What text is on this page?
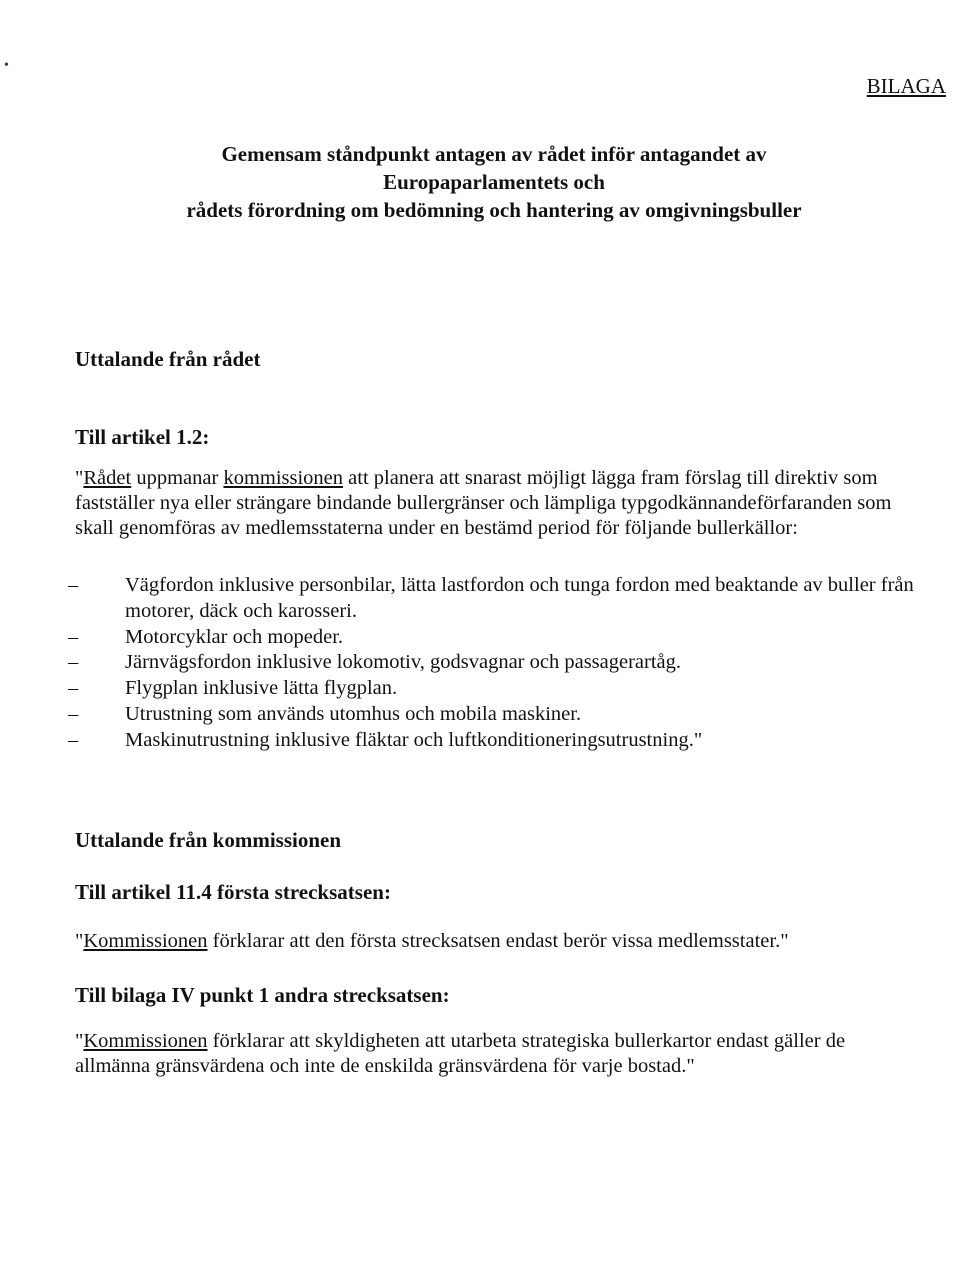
•
BILAGA
Gemensam ståndpunkt antagen av rådet inför antagandet av Europaparlamentets och
rådets förordning om bedömning och hantering av omgivningsbuller
Uttalande från rådet
Till artikel 1.2:
"Rådet uppmanar kommissionen att planera att snarast möjligt lägga fram förslag till direktiv som fastställer nya eller strängare bindande bullergränser och lämpliga typgodkännandeförfaranden som skall genomföras av medlemsstaterna under en bestämd period för följande bullerkällor:
– Vägfordon inklusive personbilar, lätta lastfordon och tunga fordon med beaktande av buller från motorer, däck och karosseri.
– Motorcyklar och mopeder.
– Järnvägsfordon inklusive lokomotiv, godsvagnar och passagerartåg.
– Flygplan inklusive lätta flygplan.
– Utrustning som används utomhus och mobila maskiner.
– Maskinutrustning inklusive fläktar och luftkonditioneringsutrustning."
Uttalande från kommissionen
Till artikel 11.4 första strecksatsen:
"Kommissionen förklarar att den första strecksatsen endast berör vissa medlemsstater."
Till bilaga IV punkt 1 andra strecksatsen:
"Kommissionen förklarar att skyldigheten att utarbeta strategiska bullerkartor endast gäller de allmänna gränsvärdena och inte de enskilda gränsvärdena för varje bostad."
